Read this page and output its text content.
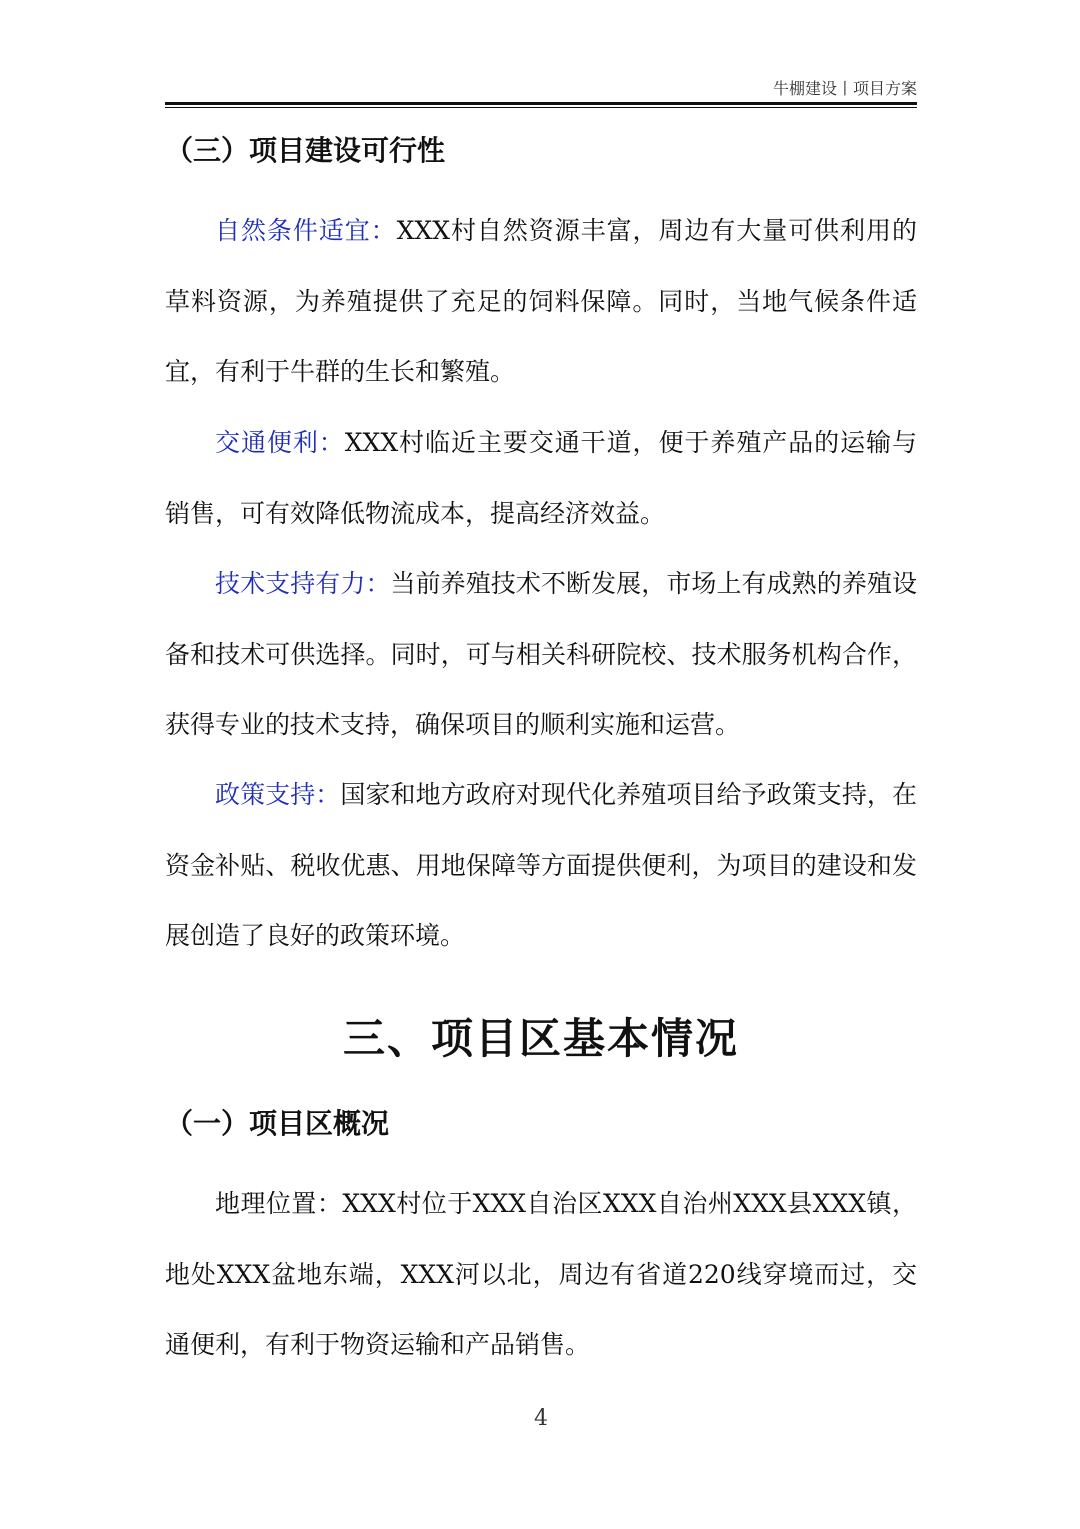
牛棚建设丨项目方案
（三）项目建设可行性

自然条件适宜：XXX村自然资源丰富，周边有大量可供利用的草料资源，为养殖提供了充足的饲料保障。同时，当地气候条件适宜，有利于牛群的生长和繁殖。

交通便利：XXX村临近主要交通干道，便于养殖产品的运输与销售，可有效降低物流成本，提高经济效益。

技术支持有力：当前养殖技术不断发展，市场上有成熟的养殖设备和技术可供选择。同时，可与相关科研院校、技术服务机构合作，获得专业的技术支持，确保项目的顺利实施和运营。

政策支持：国家和地方政府对现代化养殖项目给予政策支持，在资金补贴、税收优惠、用地保障等方面提供便利，为项目的建设和发展创造了良好的政策环境。

三、项目区基本情况
（一）项目区概况

地理位置：XXX村位于XXX自治区XXX自治州XXX县XXX镇，地处XXX盆地东端，XXX河以北，周边有省道220线穿境而过，交通便利，有利于物资运输和产品销售。

4
